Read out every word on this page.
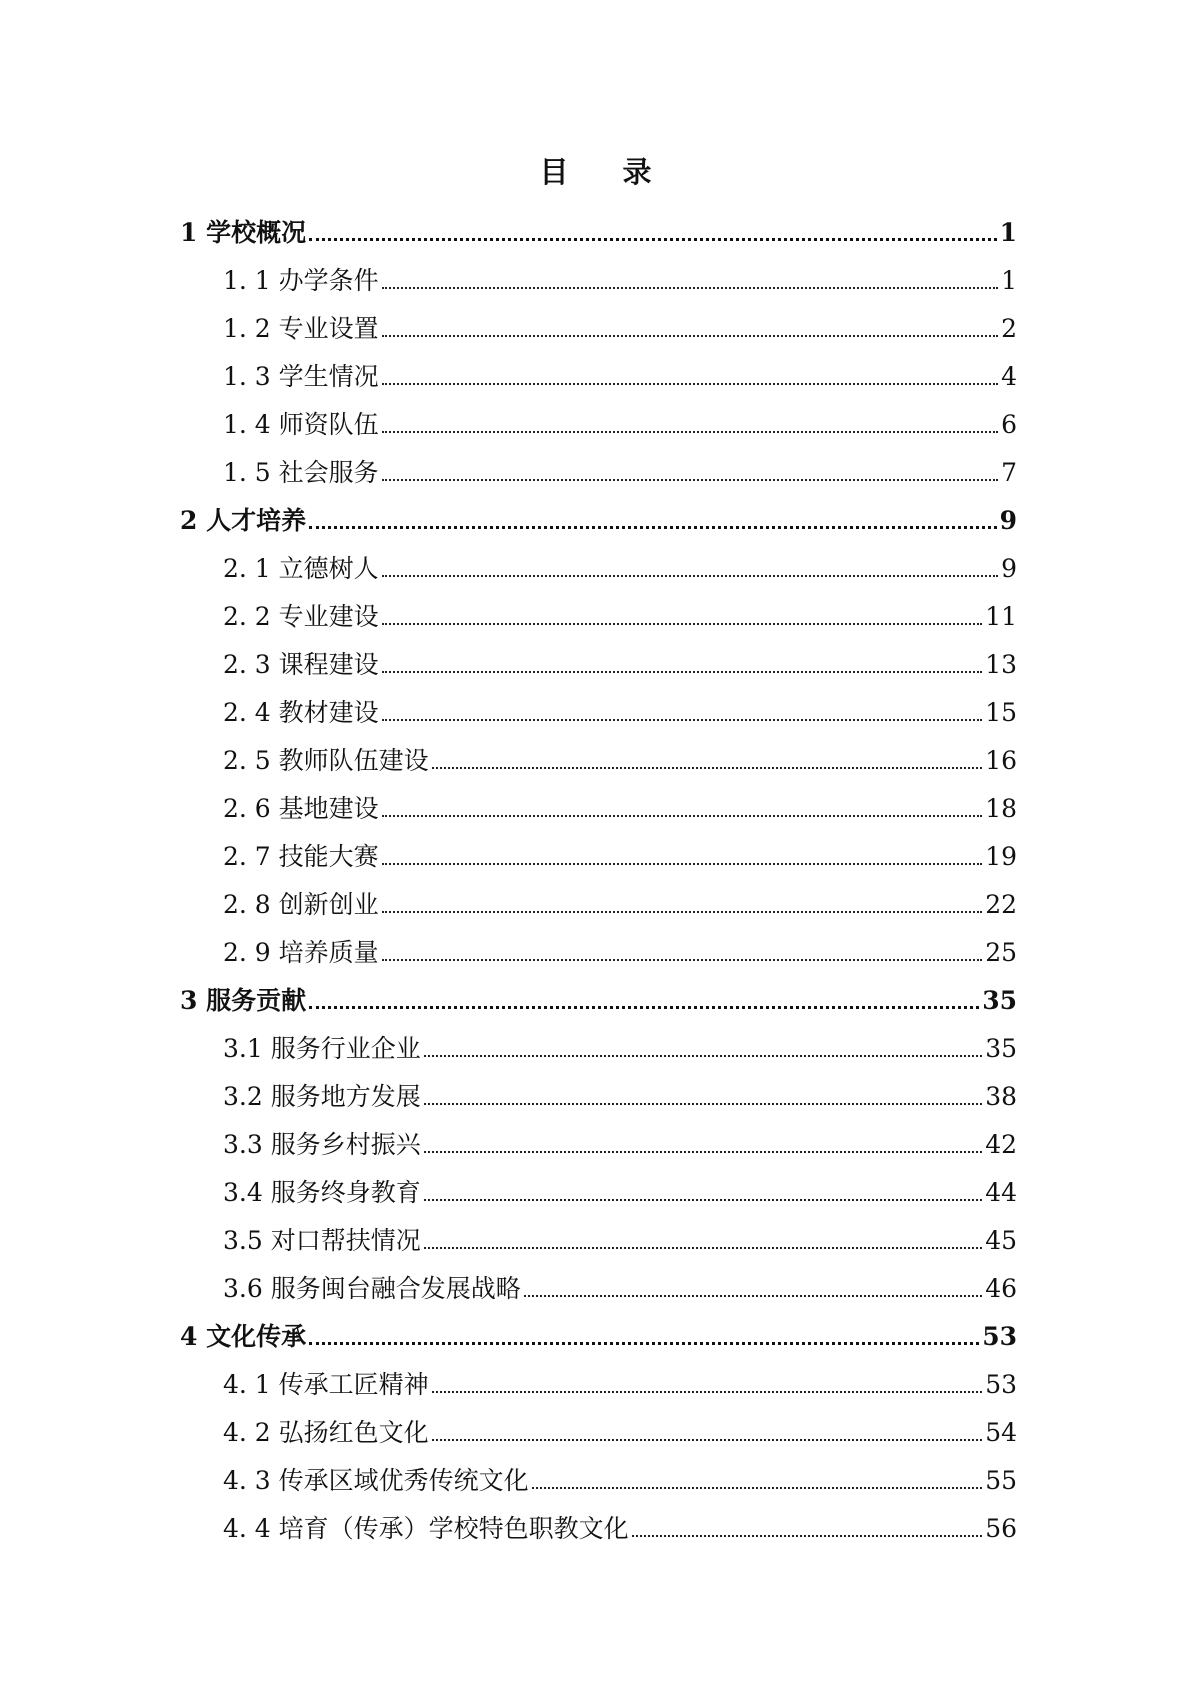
目 录
1 学校概况	1
1. 1 办学条件	1
1. 2 专业设置	2
1. 3 学生情况	4
1. 4 师资队伍	6
1. 5 社会服务	7
2 人才培养	9
2. 1 立德树人	9
2. 2 专业建设	11
2. 3 课程建设	13
2. 4 教材建设	15
2. 5 教师队伍建设	16
2. 6 基地建设	18
2. 7 技能大赛	19
2. 8 创新创业	22
2. 9 培养质量	25
3 服务贡献	35
3.1 服务行业企业	35
3.2 服务地方发展	38
3.3 服务乡村振兴	42
3.4 服务终身教育	44
3.5 对口帮扶情况	45
3.6 服务闽台融合发展战略	46
4 文化传承	53
4. 1 传承工匠精神	53
4. 2 弘扬红色文化	54
4. 3 传承区域优秀传统文化	55
4. 4 培育（传承）学校特色职教文化	56
